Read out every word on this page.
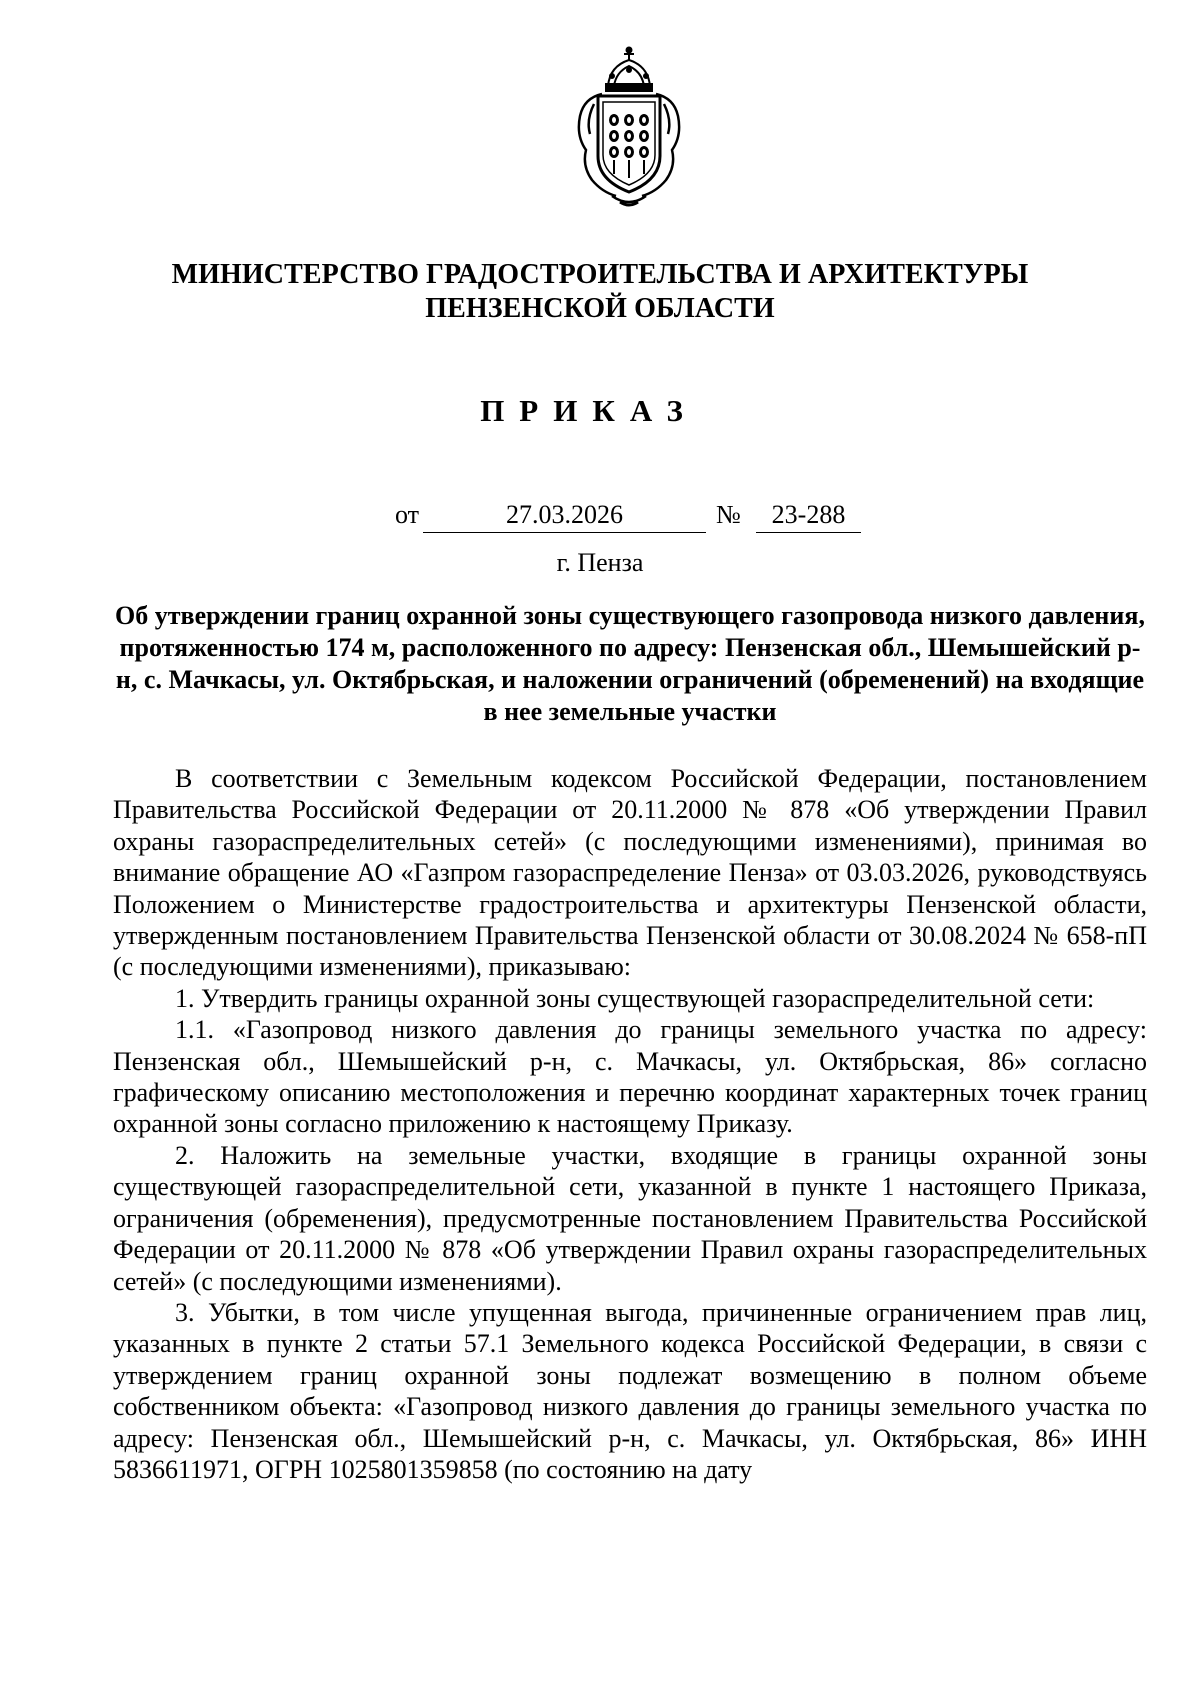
МИНИСТЕРСТВО ГРАДОСТРОИТЕЛЬСТВА И АРХИТЕКТУРЫ
ПЕНЗЕНСКОЙ ОБЛАСТИ
ПРИКАЗ
от	27.03.2026	№	23-288
г. Пенза
Об утверждении границ охранной зоны существующего газопровода низкого давления, протяженностью 174 м, расположенного по адресу: Пензенская обл., Шемышейский р-н, с. Мачкасы, ул. Октябрьская, и наложении ограничений (обременений) на входящие в нее земельные участки

В соответствии с Земельным кодексом Российской Федерации, постановлением Правительства Российской Федерации от 20.11.2000 № 878 «Об утверждении Правил охраны газораспределительных сетей» (с последующими изменениями), принимая во внимание обращение АО «Газпром газораспределение Пенза» от 03.03.2026, руководствуясь Положением о Министерстве градостроительства и архитектуры Пензенской области, утвержденным постановлением Правительства Пензенской области от 30.08.2024 № 658-пП (с последующими изменениями), приказываю:

1. Утвердить границы охранной зоны существующей газораспределительной сети:

1.1. «Газопровод низкого давления до границы земельного участка по адресу: Пензенская обл., Шемышейский р-н, с. Мачкасы, ул. Октябрьская, 86» согласно графическому описанию местоположения и перечню координат характерных точек границ охранной зоны согласно приложению к настоящему Приказу.

2. Наложить на земельные участки, входящие в границы охранной зоны существующей газораспределительной сети, указанной в пункте 1 настоящего Приказа, ограничения (обременения), предусмотренные постановлением Правительства Российской Федерации от 20.11.2000 № 878 «Об утверждении Правил охраны газораспределительных сетей» (с последующими изменениями).

3. Убытки, в том числе упущенная выгода, причиненные ограничением прав лиц, указанных в пункте 2 статьи 57.1 Земельного кодекса Российской Федерации, в связи с утверждением границ охранной зоны подлежат возмещению в полном объеме собственником объекта: «Газопровод низкого давления до границы земельного участка по адресу: Пензенская обл., Шемышейский р-н, с. Мачкасы, ул. Октябрьская, 86» ИНН 5836611971, ОГРН 1025801359858 (по состоянию на дату
